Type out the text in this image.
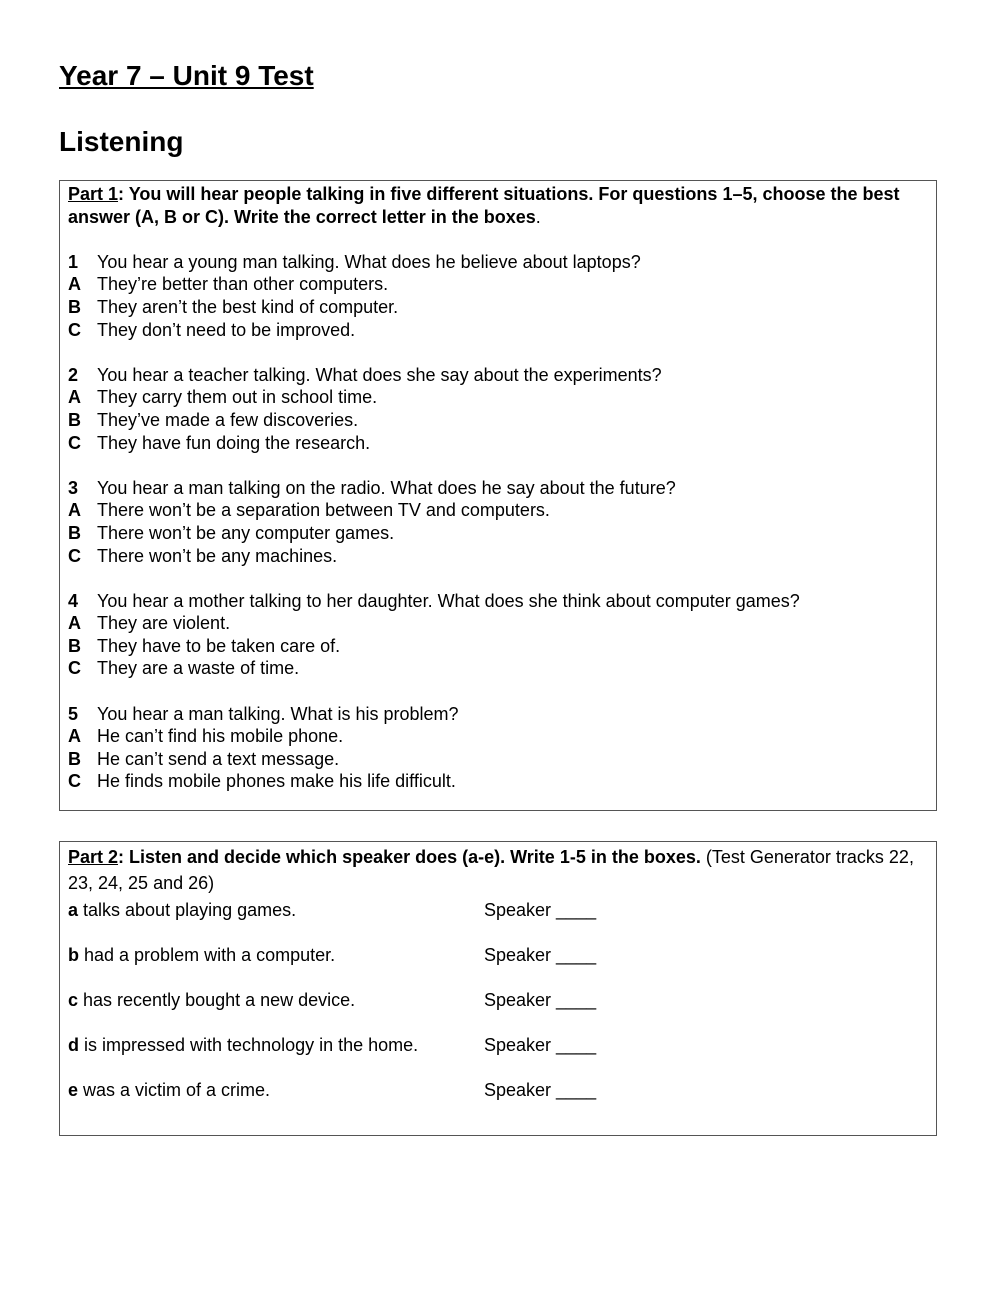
Year 7 – Unit 9 Test
Listening
Part 1: You will hear people talking in five different situations. For questions 1–5, choose the best answer (A, B or C). Write the correct letter in the boxes.
1	You hear a young man talking. What does he believe about laptops?
A They’re better than other computers.
B They aren’t the best kind of computer.
C They don’t need to be improved.
2	You hear a teacher talking. What does she say about the experiments?
A They carry them out in school time.
B They’ve made a few discoveries.
C They have fun doing the research.
3	You hear a man talking on the radio. What does he say about the future?
A There won’t be a separation between TV and computers.
B There won’t be any computer games.
C There won’t be any machines.
4	You hear a mother talking to her daughter. What does she think about computer games?
A They are violent.
B They have to be taken care of.
C They are a waste of time.
5	You hear a man talking. What is his problem?
A He can’t find his mobile phone.
B He can’t send a text message.
C He finds mobile phones make his life difficult.
Part 2: Listen and decide which speaker does (a-e). Write 1-5 in the boxes. (Test Generator tracks 22, 23, 24, 25 and 26)
a talks about playing games.	Speaker ____
b had a problem with a computer.	Speaker ____
c has recently bought a new device.	Speaker ____
d is impressed with technology in the home.	Speaker ____
e was a victim of a crime.	Speaker ____
